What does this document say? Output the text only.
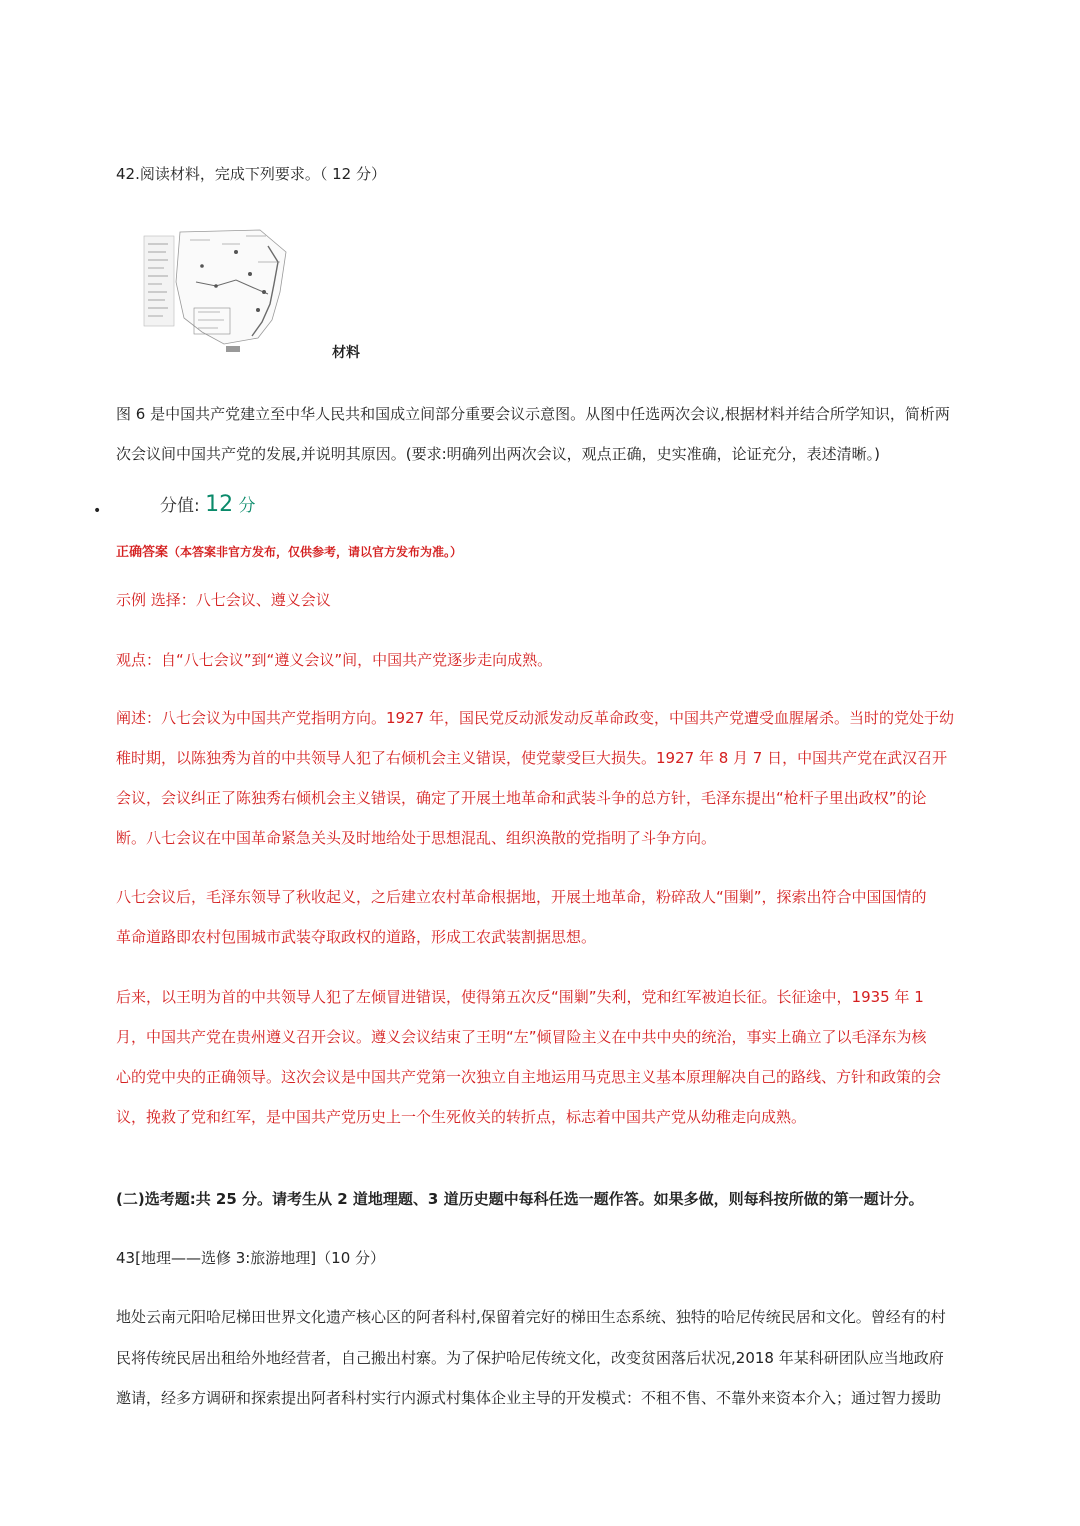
42.阅读材料，完成下列要求。（ 12 分）
材料
图 6 是中国共产党建立至中华人民共和国成立间部分重要会议示意图。从图中任选两次会议,根据材料并结合所学知识，简析两
次会议间中国共产党的发展,并说明其原因。(要求:明确列出两次会议，观点正确，史实准确，论证充分，表述清晰。)
•	分值: 12 分
正确答案（本答案非官方发布，仅供参考，请以官方发布为准。）
示例 选择：八七会议、遵义会议
观点：自“八七会议”到“遵义会议”间，中国共产党逐步走向成熟。
阐述：八七会议为中国共产党指明方向。1927 年，国民党反动派发动反革命政变，中国共产党遭受血腥屠杀。当时的党处于幼
稚时期，以陈独秀为首的中共领导人犯了右倾机会主义错误，使党蒙受巨大损失。1927 年 8 月 7 日，中国共产党在武汉召开
会议，会议纠正了陈独秀右倾机会主义错误，确定了开展土地革命和武装斗争的总方针，毛泽东提出“枪杆子里出政权”的论
断。八七会议在中国革命紧急关头及时地给处于思想混乱、组织涣散的党指明了斗争方向。
八七会议后，毛泽东领导了秋收起义，之后建立农村革命根据地，开展土地革命，粉碎敌人“围剿”，探索出符合中国国情的
革命道路即农村包围城市武装夺取政权的道路，形成工农武装割据思想。
后来，以王明为首的中共领导人犯了左倾冒进错误，使得第五次反“围剿”失利，党和红军被迫长征。长征途中，1935 年 1
月，中国共产党在贵州遵义召开会议。遵义会议结束了王明“左”倾冒险主义在中共中央的统治，事实上确立了以毛泽东为核
心的党中央的正确领导。这次会议是中国共产党第一次独立自主地运用马克思主义基本原理解决自己的路线、方针和政策的会
议，挽救了党和红军，是中国共产党历史上一个生死攸关的转折点，标志着中国共产党从幼稚走向成熟。
(二)选考题:共 25 分。请考生从 2 道地理题、3 道历史题中每科任选一题作答。如果多做，则每科按所做的第一题计分。
43[地理——选修 3:旅游地理]（10 分）
地处云南元阳哈尼梯田世界文化遗产核心区的阿者科村,保留着完好的梯田生态系统、独特的哈尼传统民居和文化。曾经有的村
民将传统民居出租给外地经营者，自己搬出村寨。为了保护哈尼传统文化，改变贫困落后状况,2018 年某科研团队应当地政府
邀请，经多方调研和探索提出阿者科村实行内源式村集体企业主导的开发模式：不租不售、不靠外来资本介入；通过智力援助
